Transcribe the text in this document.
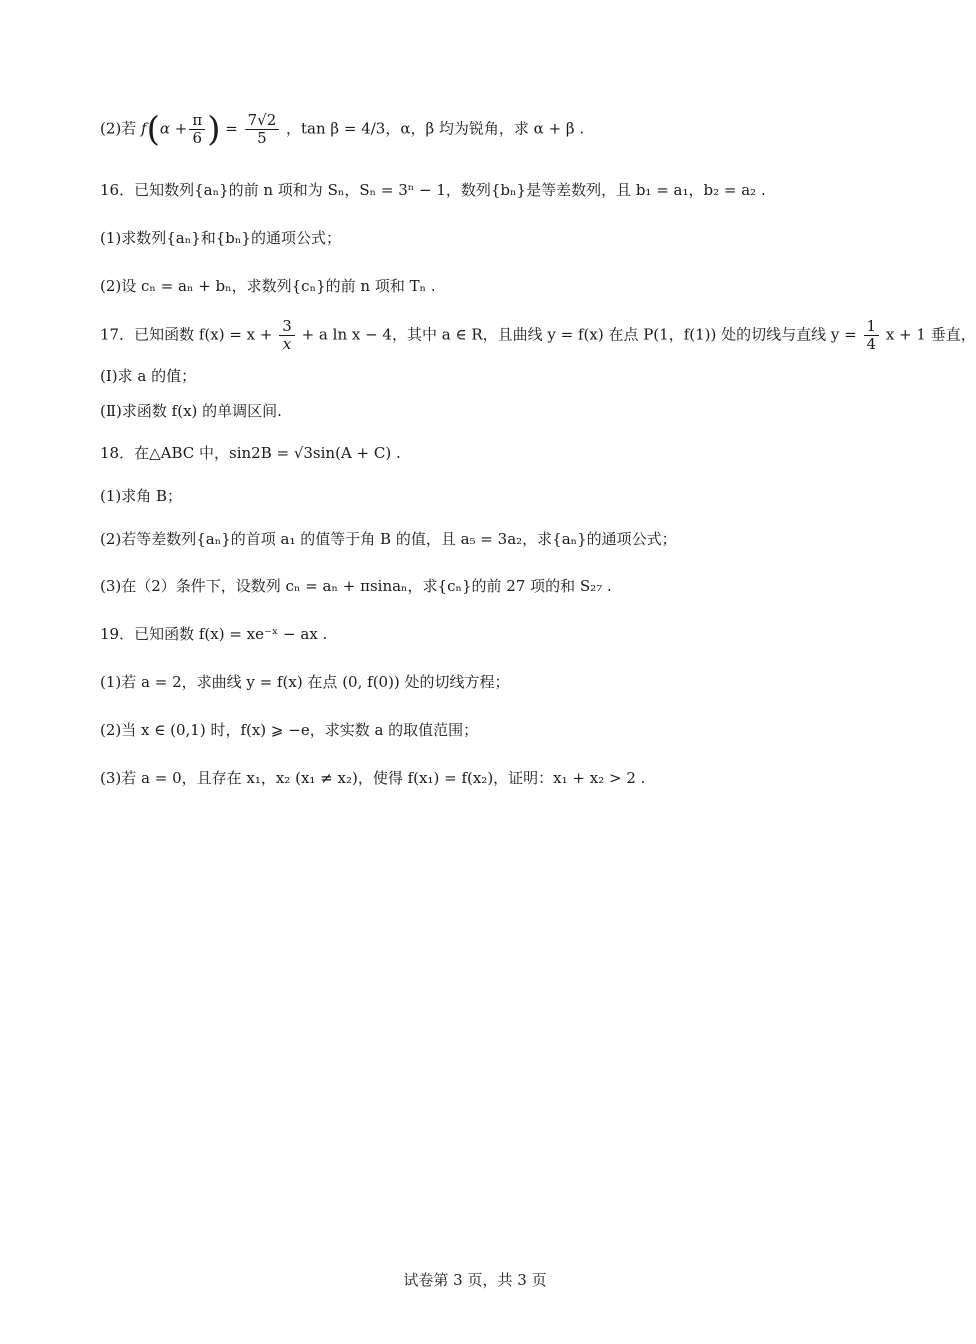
(2)若 $f(\alpha + \frac{\pi}{6}$ ) = $\frac{7√2}{5}$ ，tan β = 4/3，α，β 均为锐角，求 α + β .
16．已知数列{aₙ}的前 n 项和为 Sₙ，Sₙ = 3ⁿ − 1，数列{bₙ}是等差数列，且 b₁ = a₁，b₂ = a₂ .
(1)求数列{aₙ}和{bₙ}的通项公式；
(2)设 cₙ = aₙ + bₙ，求数列{cₙ}的前 n 项和 Tₙ .
17．已知函数 $f(x) = x + \frac{3}{x} + a$ ln x − 4，其中 a ∈ R，且曲线 y = f(x) 在点 P(1，f(1)) 处的切线与直线 $y = \frac{1}{4}$ x + 1 垂直，
(Ⅰ)求 a 的值；
(Ⅱ)求函数 f(x) 的单调区间.
18．在△ABC 中，sin2B = √3sin(A + C) .
(1)求角 B；
(2)若等差数列{aₙ}的首项 a₁ 的值等于角 B 的值，且 a₅ = 3a₂，求{aₙ}的通项公式；
(3)在（2）条件下，设数列 cₙ = aₙ + πsinaₙ，求{cₙ}的前 27 项的和 S₂₇ .
19．已知函数 f(x) = xe⁻ˣ − ax .
(1)若 a = 2，求曲线 y = f(x) 在点 (0, f(0)) 处的切线方程；
(2)当 x ∈ (0,1) 时，f(x) ⩾ −e，求实数 a 的取值范围；
(3)若 a = 0，且存在 x₁，x₂ (x₁ ≠ x₂)，使得 f(x₁) = f(x₂)，证明：x₁ + x₂ > 2 .
试卷第 3 页，共 3 页
